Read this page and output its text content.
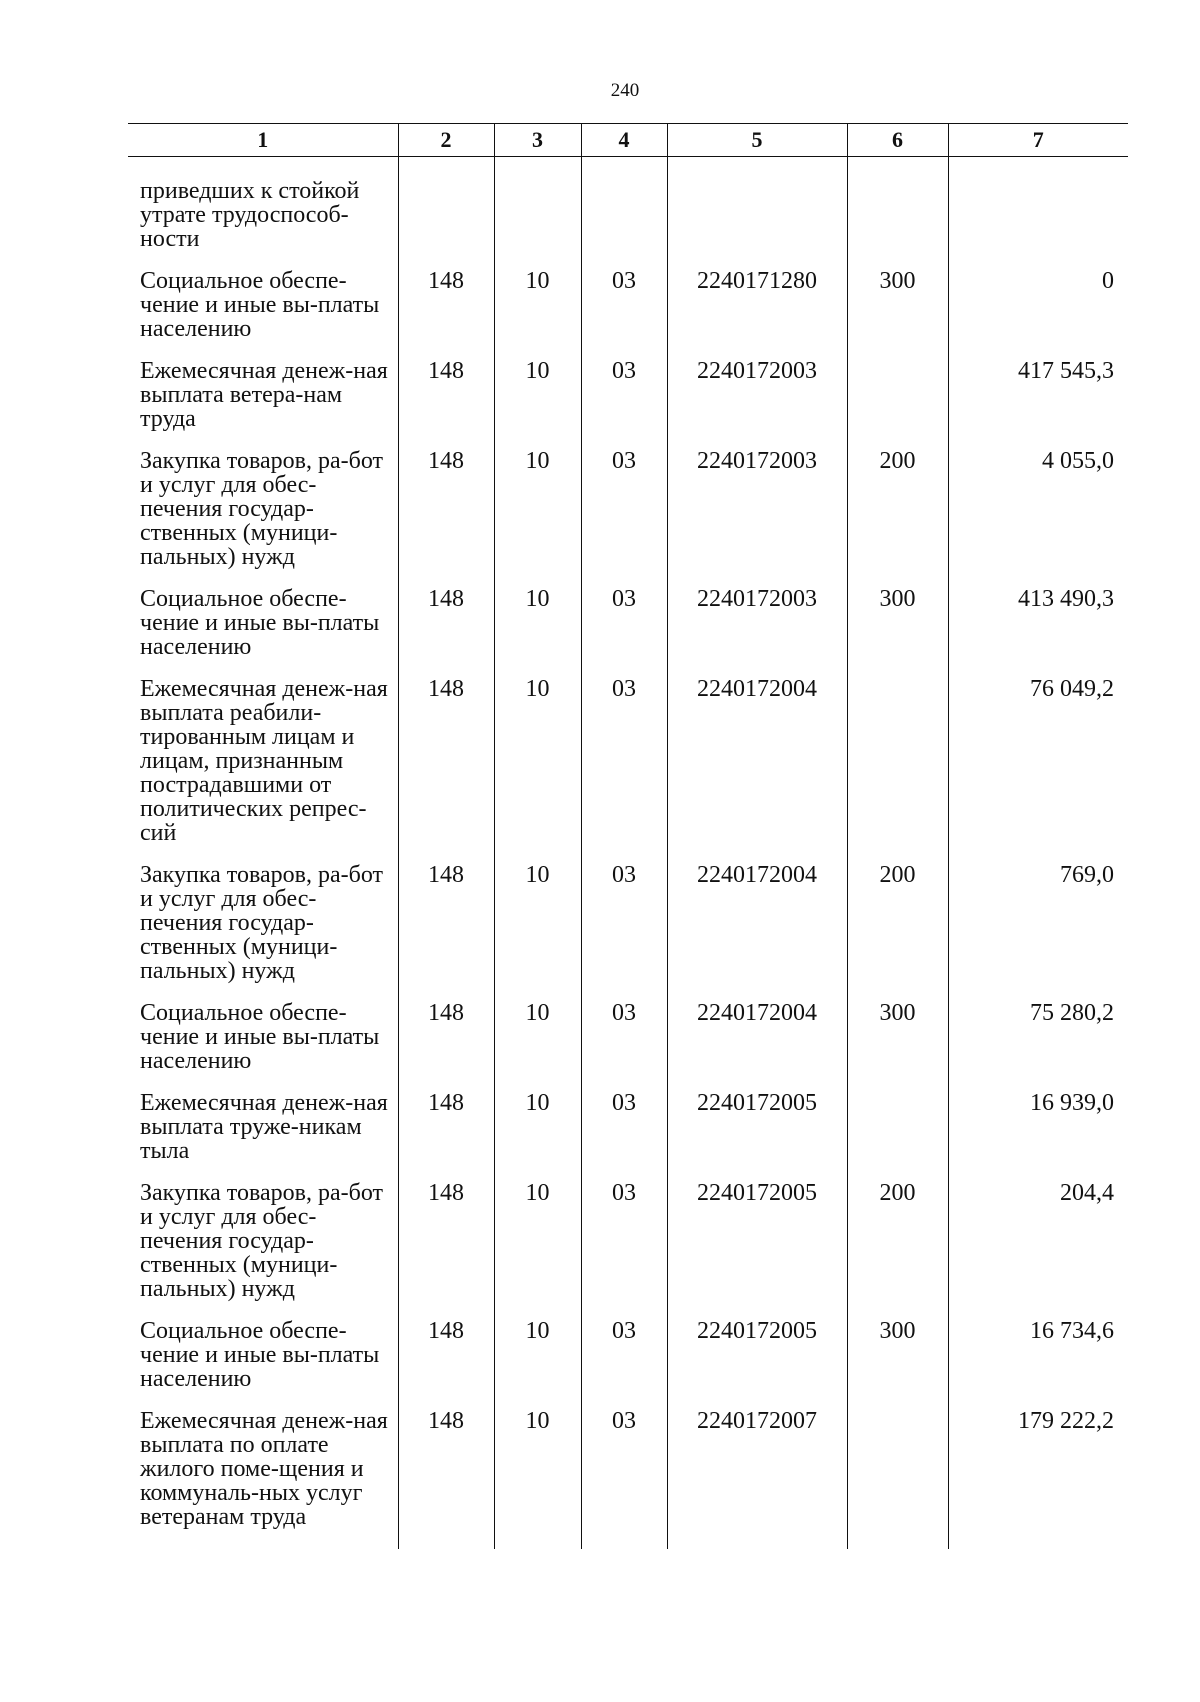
240
1	2	3	4	5	6	7

приведших к стойкой утрате трудоспособ-ности						
Социальное обеспе-чение и иные вы-платы населению	148	10	03	2240171280	300	0
Ежемесячная денеж-ная выплата ветера-нам труда	148	10	03	2240172003		417 545,3
Закупка товаров, ра-бот и услуг для обес-печения государ-ственных (муници-пальных) нужд	148	10	03	2240172003	200	4 055,0
Социальное обеспе-чение и иные вы-платы населению	148	10	03	2240172003	300	413 490,3
Ежемесячная денеж-ная выплата реабили-тированным лицам и лицам, признанным пострадавшими от политических репрес-сий	148	10	03	2240172004		76 049,2
Закупка товаров, ра-бот и услуг для обес-печения государ-ственных (муници-пальных) нужд	148	10	03	2240172004	200	769,0
Социальное обеспе-чение и иные вы-платы населению	148	10	03	2240172004	300	75 280,2
Ежемесячная денеж-ная выплата труже-никам тыла	148	10	03	2240172005		16 939,0
Закупка товаров, ра-бот и услуг для обес-печения государ-ственных (муници-пальных) нужд	148	10	03	2240172005	200	204,4
Социальное обеспе-чение и иные вы-платы населению	148	10	03	2240172005	300	16 734,6
Ежемесячная денеж-ная выплата по оплате жилого поме-щения и коммуналь-ных услуг ветеранам труда	148	10	03	2240172007		179 222,2
